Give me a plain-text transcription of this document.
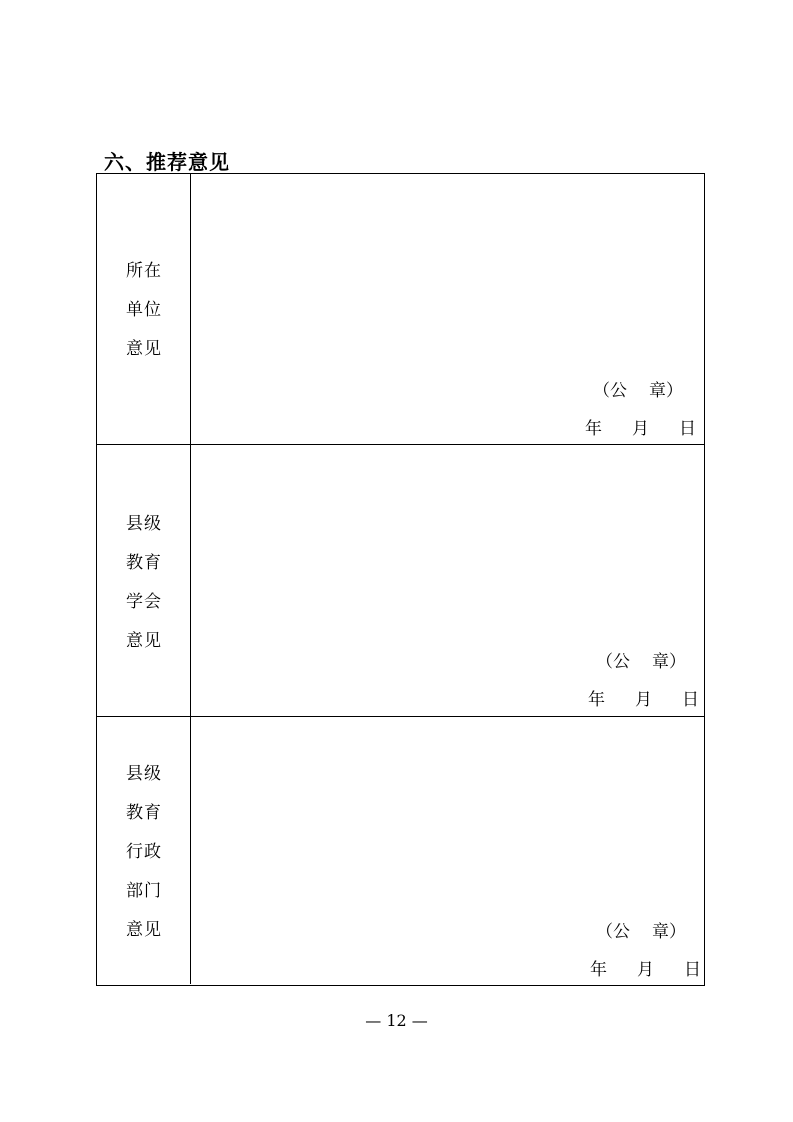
六、推荐意见
所在
单位
意见
（公 章）
年 月 日
县级
教育
学会
意见
（公 章）
年 月 日
县级
教育
行政
部门
意见	（公 章）
年 月 日
— 12 —
